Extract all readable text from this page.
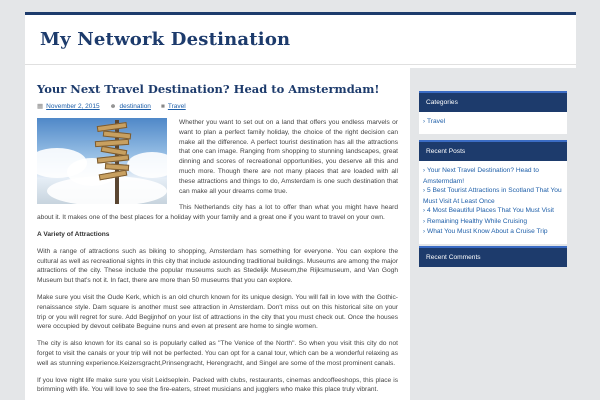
My Network Destination
Your Next Travel Destination? Head to Amstermdam!
▦ November 2, 2015 ☻ destination ■ Travel

Whether you want to set out on a land that offers you endless marvels or want to plan a perfect family holiday, the choice of the right decision can make all the difference. A perfect tourist destination has all the attractions that one can image. Ranging from shopping to stunning landscapes, great dinning and scores of recreational opportunities, you deserve all this and much more. Though there are not many places that are loaded with all these attractions and things to do, Amsterdam is one such destination that can make all your dreams come true.

This Netherlands city has a lot to offer than what you might have heard about it. It makes one of the best places for a holiday with your family and a great one if you want to travel on your own.

A Variety of Attractions

With a range of attractions such as biking to shopping, Amsterdam has something for everyone. You can explore the cultural as well as recreational sights in this city that include astounding traditional buildings. Museums are among the major attractions of the city. These include the popular museums such as Stedelijk Museum,the Rijksmuseum, and Van Gogh Museum but that's not it. In fact, there are more than 50 museums that you can explore.

Make sure you visit the Oude Kerk, which is an old church known for its unique design. You will fall in love with the Gothic-renaissance style. Dam square is another must see attraction in Amsterdam. Don't miss out on this historical site on your trip or you will regret for sure. Add Begijnhof on your list of attractions in the city that you must check out. Once the houses were occupied by devout celibate Beguine nuns and even at present are home to single women.

The city is also known for its canal so is popularly called as "The Venice of the North". So when you visit this city do not forget to visit the canals or your trip will not be perfected. You can opt for a canal tour, which can be a wonderful relaxing as well as stunning experience.Keizersgracht,Prinsengracht, Herengracht, and Singel are some of the most prominent canals.

If you love night life make sure you visit Leidseplein. Packed with clubs, restaurants, cinemas andcoffeeshops, this place is brimming with life. You will love to see the fire-eaters, street musicians and jugglers who make this place truly vibrant.

Categories
› Travel
Recent Posts
› Your Next Travel Destination? Head to Amstermdam!
› 5 Best Tourist Attractions in Scotland That You Must Visit At Least Once
› 4 Most Beautiful Places That You Must Visit
› Remaining Healthy While Cruising
› What You Must Know About a Cruise Trip
Recent Comments
